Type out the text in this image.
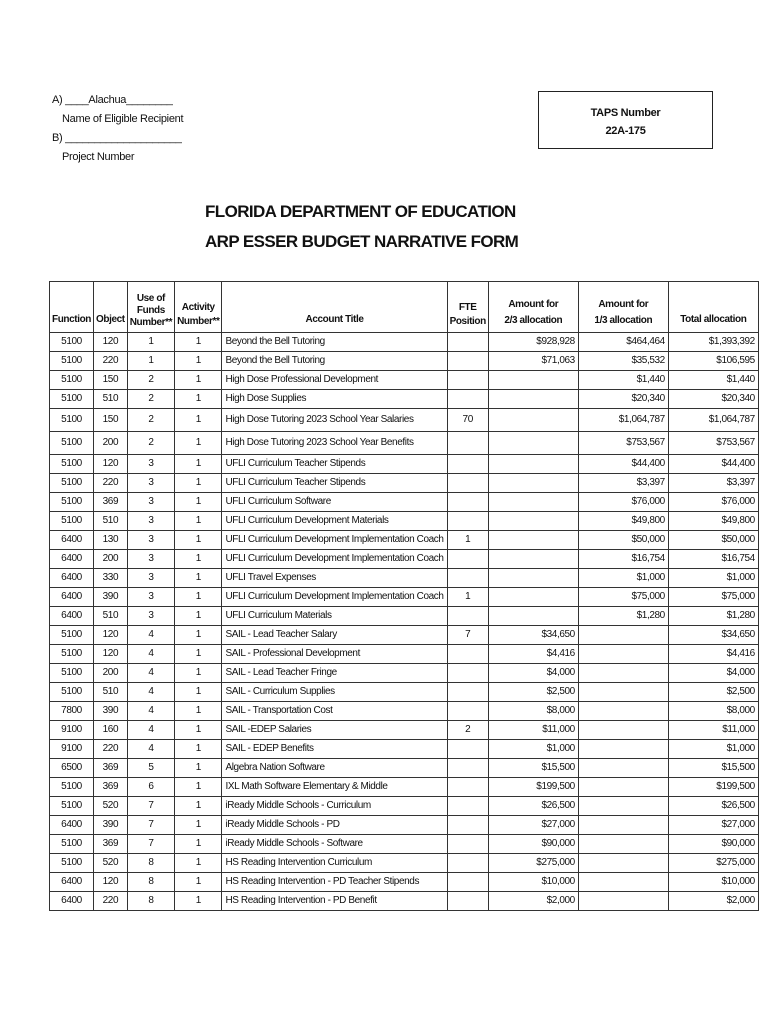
A) ____Alachua________
Name of Eligible Recipient
B) ____________________
Project Number
TAPS Number
22A-175
FLORIDA DEPARTMENT OF EDUCATION
ARP ESSER BUDGET NARRATIVE FORM
Function	Object	Use of Funds Number**	Activity Number**	Account Title	FTE Position	Amount for 2/3 allocation	Amount for 1/3 allocation	Total allocation
5100	120	1	1	Beyond the Bell Tutoring		$928,928	$464,464	$1,393,392
5100	220	1	1	Beyond the Bell Tutoring		$71,063	$35,532	$106,595
5100	150	2	1	High Dose Professional Development			$1,440	$1,440
5100	510	2	1	High Dose Supplies			$20,340	$20,340
5100	150	2	1	High Dose Tutoring 2023 School Year Salaries	70		$1,064,787	$1,064,787
5100	200	2	1	High Dose Tutoring 2023 School Year Benefits			$753,567	$753,567
5100	120	3	1	UFLI Curriculum Teacher Stipends			$44,400	$44,400
5100	220	3	1	UFLI Curriculum Teacher Stipends			$3,397	$3,397
5100	369	3	1	UFLI Curriculum Software			$76,000	$76,000
5100	510	3	1	UFLI Curriculum Development Materials			$49,800	$49,800
6400	130	3	1	UFLI Curriculum Development Implementation Coach	1		$50,000	$50,000
6400	200	3	1	UFLI Curriculum Development Implementation Coach			$16,754	$16,754
6400	330	3	1	UFLI Travel Expenses			$1,000	$1,000
6400	390	3	1	UFLI Curriculum Development Implementation Coach	1		$75,000	$75,000
6400	510	3	1	UFLI Curriculum Materials			$1,280	$1,280
5100	120	4	1	SAIL - Lead Teacher Salary	7	$34,650		$34,650
5100	120	4	1	SAIL - Professional Development		$4,416		$4,416
5100	200	4	1	SAIL - Lead Teacher Fringe		$4,000		$4,000
5100	510	4	1	SAIL - Curriculum Supplies		$2,500		$2,500
7800	390	4	1	SAIL - Transportation Cost		$8,000		$8,000
9100	160	4	1	SAIL -EDEP Salaries	2	$11,000		$11,000
9100	220	4	1	SAIL - EDEP Benefits		$1,000		$1,000
6500	369	5	1	Algebra Nation Software		$15,500		$15,500
5100	369	6	1	IXL Math Software Elementary & Middle		$199,500		$199,500
5100	520	7	1	iReady Middle Schools - Curriculum		$26,500		$26,500
6400	390	7	1	iReady Middle Schools - PD		$27,000		$27,000
5100	369	7	1	iReady Middle Schools - Software		$90,000		$90,000
5100	520	8	1	HS Reading Intervention Curriculum		$275,000		$275,000
6400	120	8	1	HS Reading Intervention - PD Teacher Stipends		$10,000		$10,000
6400	220	8	1	HS Reading Intervention - PD Benefit		$2,000		$2,000
